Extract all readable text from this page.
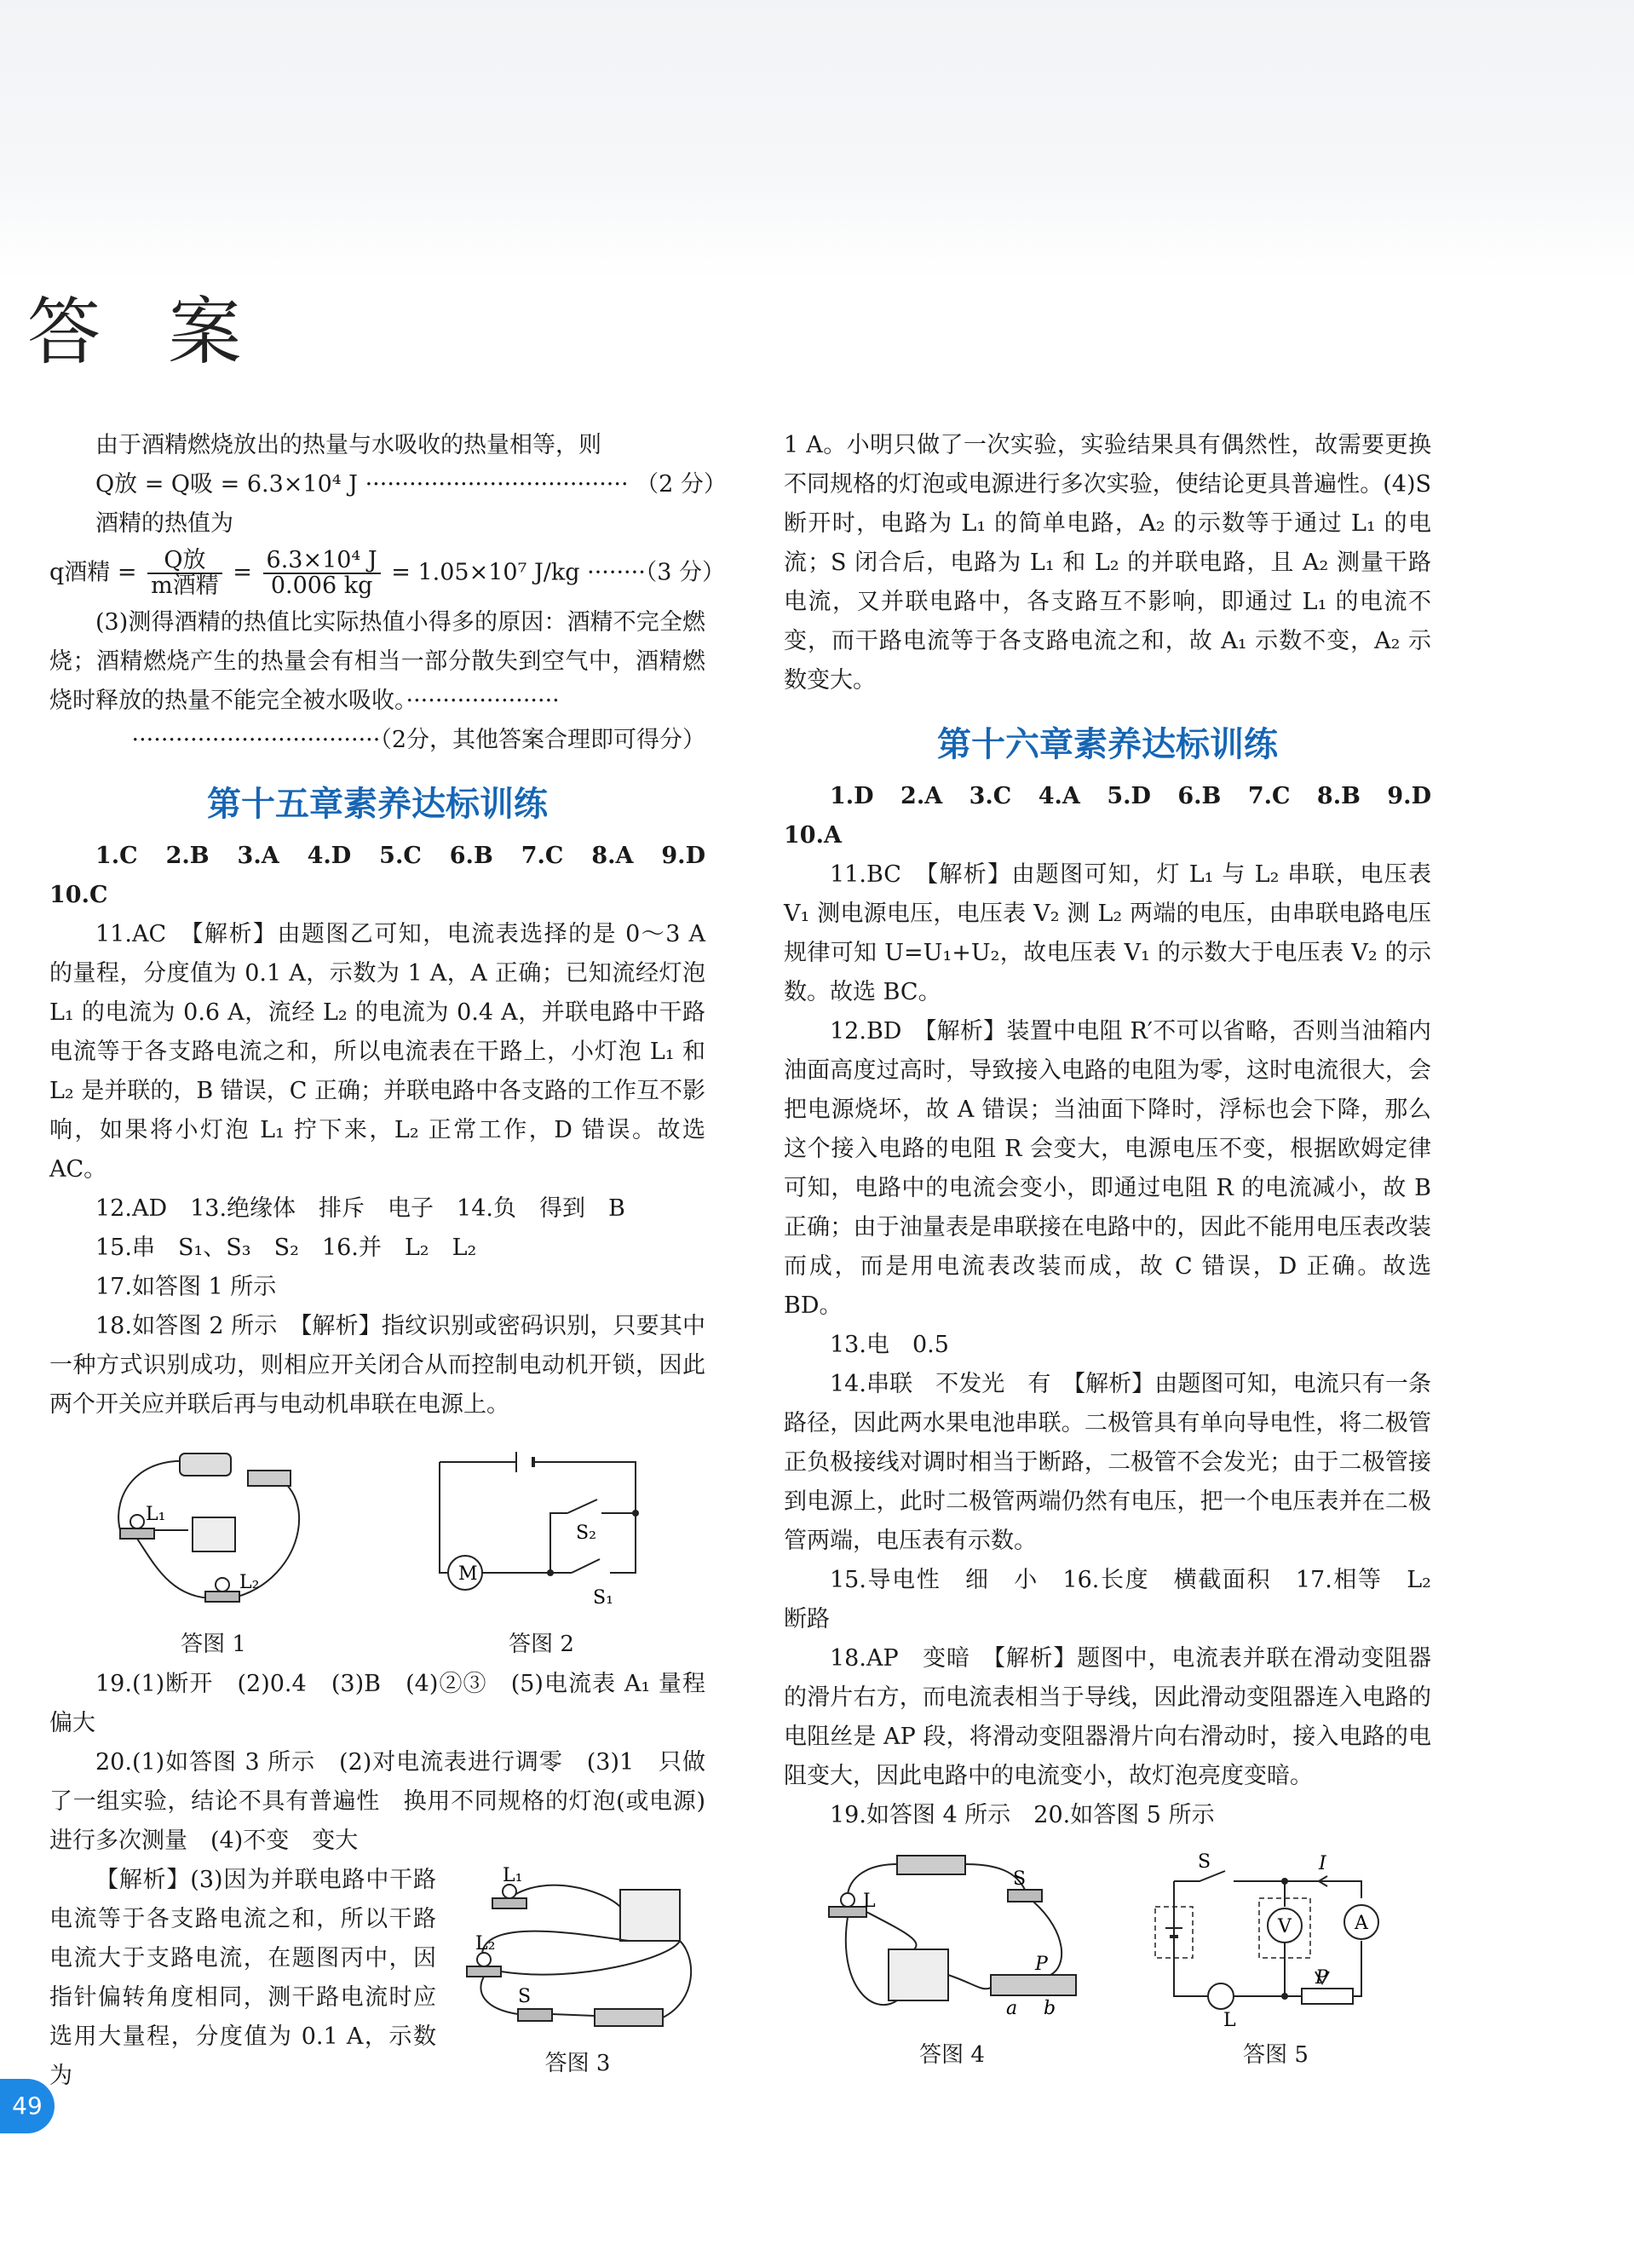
答 案

由于酒精燃烧放出的热量与水吸收的热量相等，则

Q放 = Q吸 = 6.3×10⁴ J ···································· （2 分）

酒精的热值为

q酒精 = $\frac{\text{Q放}}{\text{m酒精}} = \frac{\text{6.3×10⁴ J}}{0.006 kg} = 1.05\times 10^7$ J/kg ········（3 分）

(3)测得酒精的热值比实际热值小得多的原因：酒精不完全燃烧；酒精燃烧产生的热量会有相当一部分散失到空气中，酒精燃烧时释放的热量不能完全被水吸收。·····················

··································（2分，其他答案合理即可得分）

第十五章素养达标训练

1.C　2.B　3.A　4.D　5.C　6.B　7.C　8.A　9.D　10.C

11.AC　【解析】由题图乙可知，电流表选择的是 0～3 A 的量程，分度值为 0.1 A，示数为 1 A，A 正确；已知流经灯泡 L₁ 的电流为 0.6 A，流经 L₂ 的电流为 0.4 A，并联电路中干路电流等于各支路电流之和，所以电流表在干路上，小灯泡 L₁ 和 L₂ 是并联的，B 错误，C 正确；并联电路中各支路的工作互不影响，如果将小灯泡 L₁ 拧下来，L₂ 正常工作，D 错误。故选 AC。

12.AD　13.绝缘体　排斥　电子　14.负　得到　B

15.串　S₁、S₃　S₂　16.并　L₂　L₂

17.如答图 1 所示

18.如答图 2 所示　【解析】指纹识别或密码识别，只要其中一种方式识别成功，则相应开关闭合从而控制电动机开锁，因此两个开关应并联后再与电动机串联在电源上。

L₁
L₂
答图 1
M
S₂
S₁
答图 2

19.(1)断开　(2)0.4　(3)B　(4)②③　(5)电流表 A₁ 量程偏大

20.(1)如答图 3 所示　(2)对电流表进行调零　(3)1　只做了一组实验，结论不具有普遍性　换用不同规格的灯泡(或电源)进行多次测量　(4)不变　变大

L₁
L₂
S
答图 3

【解析】(3)因为并联电路中干路电流等于各支路电流之和，所以干路电流大于支路电流，在题图丙中，因指针偏转角度相同，测干路电流时应选用大量程，分度值为 0.1 A，示数为

1 A。小明只做了一次实验，实验结果具有偶然性，故需要更换不同规格的灯泡或电源进行多次实验，使结论更具普遍性。(4)S 断开时，电路为 L₁ 的简单电路，A₂ 的示数等于通过 L₁ 的电流；S 闭合后，电路为 L₁ 和 L₂ 的并联电路，且 A₂ 测量干路电流，又并联电路中，各支路互不影响，即通过 L₁ 的电流不变，而干路电流等于各支路电流之和，故 A₁ 示数不变，A₂ 示数变大。

第十六章素养达标训练

1.D　2.A　3.C　4.A　5.D　6.B　7.C　8.B　9.D　10.A

11.BC　【解析】由题图可知，灯 L₁ 与 L₂ 串联，电压表 V₁ 测电源电压，电压表 V₂ 测 L₂ 两端的电压，由串联电路电压规律可知 U=U₁+U₂，故电压表 V₁ 的示数大于电压表 V₂ 的示数。故选 BC。

12.BD　【解析】装置中电阻 R′不可以省略，否则当油箱内油面高度过高时，导致接入电路的电阻为零，这时电流很大，会把电源烧坏，故 A 错误；当油面下降时，浮标也会下降，那么这个接入电路的电阻 R 会变大，电源电压不变，根据欧姆定律可知，电路中的电流会变小，即通过电阻 R 的电流减小，故 B 正确；由于油量表是串联接在电路中的，因此不能用电压表改装而成，而是用电流表改装而成，故 C 错误，D 正确。故选 BD。

13.电　0.5

14.串联　不发光　有　【解析】由题图可知，电流只有一条路径，因此两水果电池串联。二极管具有单向导电性，将二极管正负极接线对调时相当于断路，二极管不会发光；由于二极管接到电源上，此时二极管两端仍然有电压，把一个电压表并在二极管两端，电压表有示数。

15.导电性　细　小　16.长度　横截面积　17.相等　L₂ 断路

18.AP　变暗　【解析】题图中，电流表并联在滑动变阻器的滑片右方，而电流表相当于导线，因此滑动变阻器连入电路的电阻丝是 AP 段，将滑动变阻器滑片向右滑动时，接入电路的电阻变大，因此电路中的电流变小，故灯泡亮度变暗。

19.如答图 4 所示　20.如答图 5 所示

L
S
P
a b
答图 4
S	I
V	A
P
L
答图 5
49
